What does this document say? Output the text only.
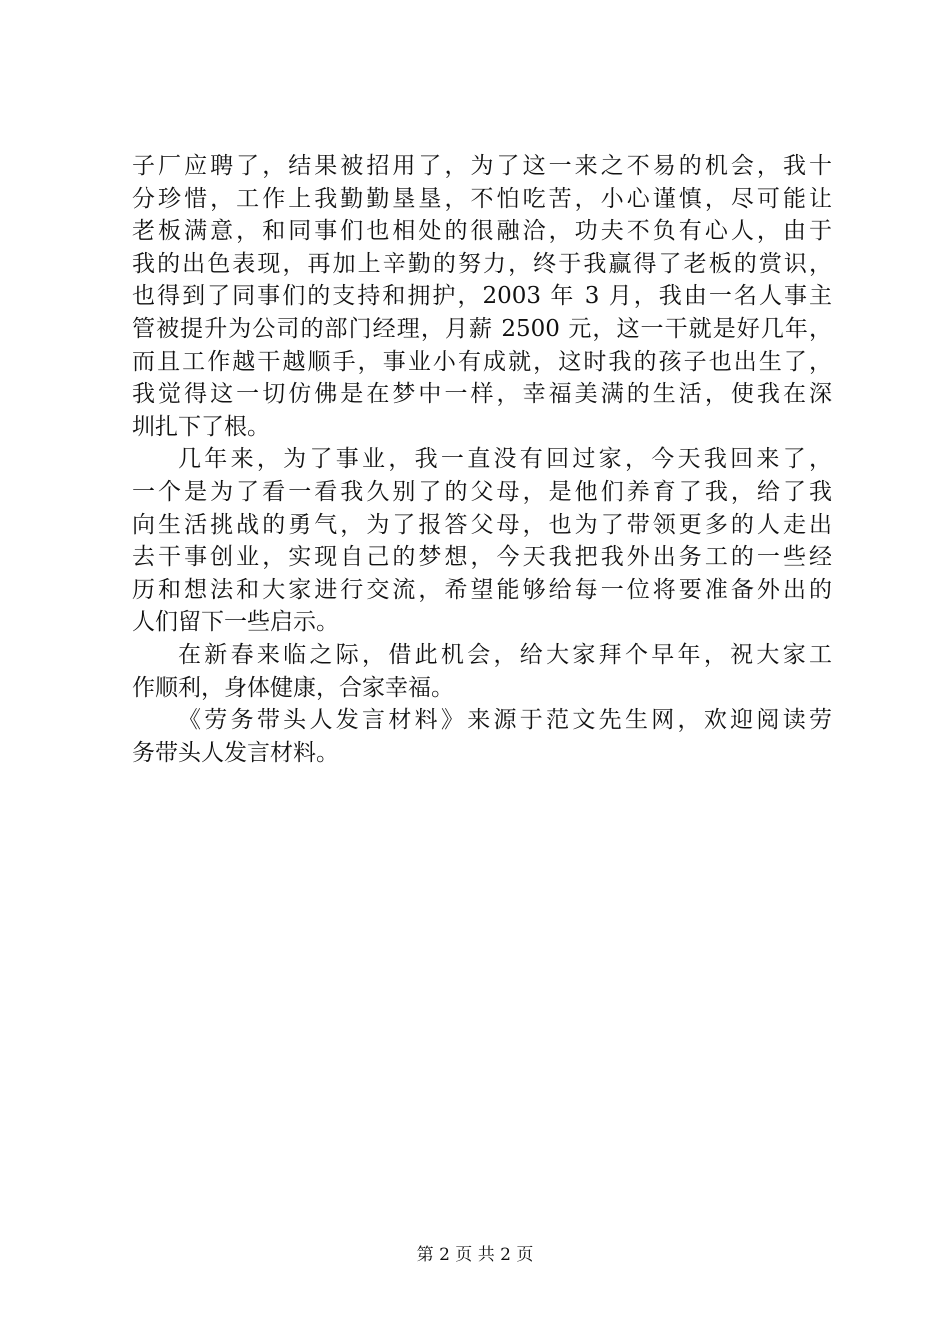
子厂应聘了，结果被招用了，为了这一来之不易的机会，我十
分珍惜，工作上我勤勤垦垦，不怕吃苦，小心谨慎，尽可能让
老板满意，和同事们也相处的很融洽，功夫不负有心人，由于
我的出色表现，再加上辛勤的努力，终于我赢得了老板的赏识，
也得到了同事们的支持和拥护，2003 年 3 月，我由一名人事主
管被提升为公司的部门经理，月薪 2500 元，这一干就是好几年，
而且工作越干越顺手，事业小有成就，这时我的孩子也出生了，
我觉得这一切仿佛是在梦中一样，幸福美满的生活，使我在深
圳扎下了根。
几年来，为了事业，我一直没有回过家，今天我回来了，
一个是为了看一看我久别了的父母，是他们养育了我，给了我
向生活挑战的勇气，为了报答父母，也为了带领更多的人走出
去干事创业，实现自己的梦想，今天我把我外出务工的一些经
历和想法和大家进行交流，希望能够给每一位将要准备外出的
人们留下一些启示。
在新春来临之际，借此机会，给大家拜个早年，祝大家工
作顺利，身体健康，合家幸福。
《劳务带头人发言材料》来源于范文先生网，欢迎阅读劳
务带头人发言材料。
第 2 页 共 2 页
